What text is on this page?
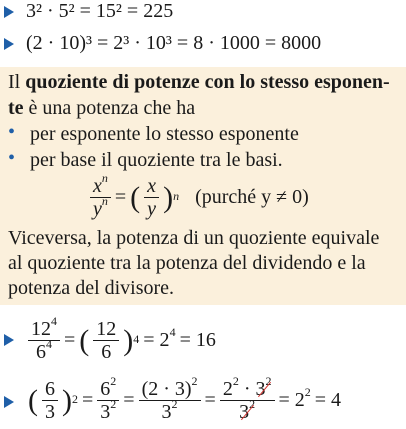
3² · 5² = 15² = 225
(2 · 10)³ = 2³ · 10³ = 8 · 1000 = 8000
Il quoziente di potenze con lo stesso esponen-
te è una potenza che ha
• per esponente lo stesso esponente
• per base il quoziente tra le basi.
$\frac{x^n}{y^n}$ = ( $\frac{x}{y} )^n$ (purché y ≠ 0)
Viceversa, la potenza di un quoziente equivale
al quoziente tra la potenza del dividendo e la
potenza del divisore.
$\frac{12^4}{6^4}$ = ( $\frac{12}{6} )^4 = 2^4 = 16$
( $\frac{6}{3} )^2 = \frac{6^2}{3^2} = \frac{(2 \cdot 3)^2}{3^2} = \frac{2^2 \cdot 3^2}{3^2} = 2^2 = 4$
